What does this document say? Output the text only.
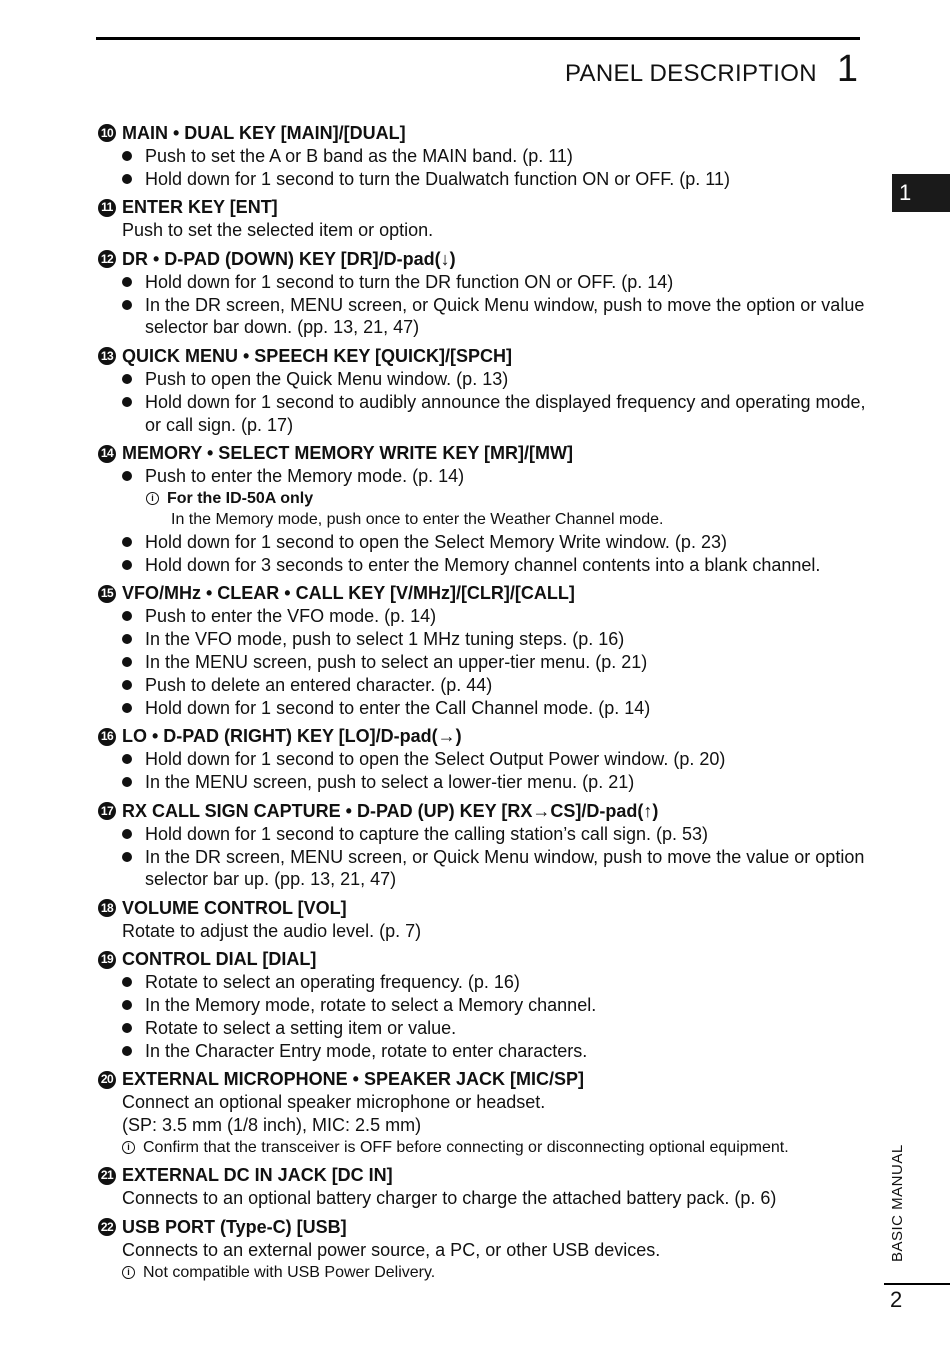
PANEL DESCRIPTION 1
1
10 MAIN • DUAL KEY [MAIN]/[DUAL]
Push to set the A or B band as the MAIN band. (p. 11)
Hold down for 1 second to turn the Dualwatch function ON or OFF. (p. 11)
11 ENTER KEY [ENT]
Push to set the selected item or option.
12 DR • D-PAD (DOWN) KEY [DR]/D-pad(↓)
Hold down for 1 second to turn the DR function ON or OFF. (p. 14)
In the DR screen, MENU screen, or Quick Menu window, push to move the option or value selector bar down. (pp. 13, 21, 47)
13 QUICK MENU • SPEECH KEY [QUICK]/[SPCH]
Push to open the Quick Menu window. (p. 13)
Hold down for 1 second to audibly announce the displayed frequency and operating mode, or call sign. (p. 17)
14 MEMORY • SELECT MEMORY WRITE KEY [MR]/[MW]
Push to enter the Memory mode. (p. 14)
i For the ID-50A only
In the Memory mode, push once to enter the Weather Channel mode.
Hold down for 1 second to open the Select Memory Write window. (p. 23)
Hold down for 3 seconds to enter the Memory channel contents into a blank channel.
15 VFO/MHz • CLEAR • CALL KEY [V/MHz]/[CLR]/[CALL]
Push to enter the VFO mode. (p. 14)
In the VFO mode, push to select 1 MHz tuning steps. (p. 16)
In the MENU screen, push to select an upper-tier menu. (p. 21)
Push to delete an entered character. (p. 44)
Hold down for 1 second to enter the Call Channel mode. (p. 14)
16 LO • D-PAD (RIGHT) KEY [LO]/D-pad(→)
Hold down for 1 second to open the Select Output Power window. (p. 20)
In the MENU screen, push to select a lower-tier menu. (p. 21)
17 RX CALL SIGN CAPTURE • D-PAD (UP) KEY [RX→CS]/D-pad(↑)
Hold down for 1 second to capture the calling station’s call sign. (p. 53)
In the DR screen, MENU screen, or Quick Menu window, push to move the value or option selector bar up. (pp. 13, 21, 47)
18 VOLUME CONTROL [VOL]
Rotate to adjust the audio level. (p. 7)
19 CONTROL DIAL [DIAL]
Rotate to select an operating frequency. (p. 16)
In the Memory mode, rotate to select a Memory channel.
Rotate to select a setting item or value.
In the Character Entry mode, rotate to enter characters.
20 EXTERNAL MICROPHONE • SPEAKER JACK [MIC/SP]
Connect an optional speaker microphone or headset.
(SP: 3.5 mm (1/8 inch), MIC: 2.5 mm)
i Confirm that the transceiver is OFF before connecting or disconnecting optional equipment.
21 EXTERNAL DC IN JACK [DC IN]
Connects to an optional battery charger to charge the attached battery pack. (p. 6)
22 USB PORT (Type-C) [USB]
Connects to an external power source, a PC, or other USB devices.
i Not compatible with USB Power Delivery.
BASIC MANUAL
2
